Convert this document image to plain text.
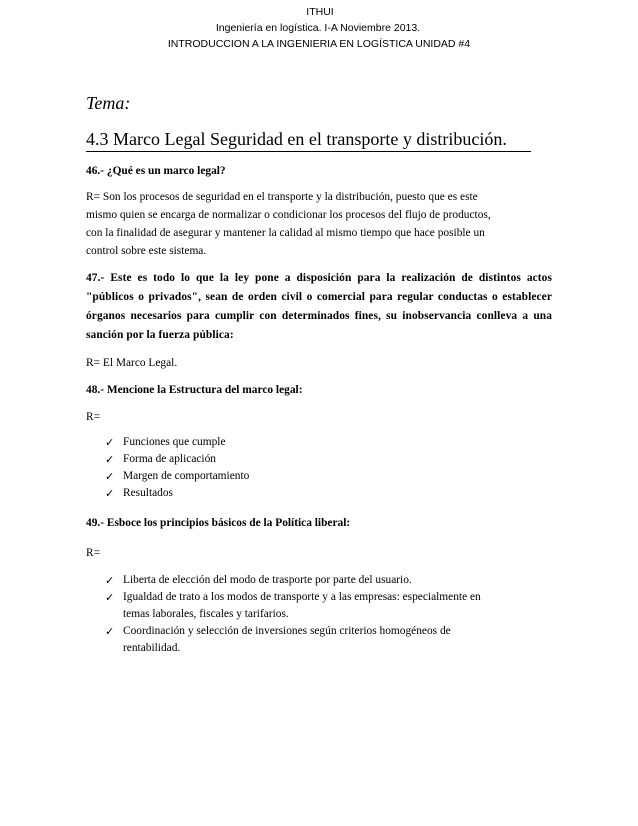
ITHUI
Ingeniería en logística. I-A Noviembre 2013.
INTRODUCCION A LA INGENIERIA EN LOGÍSTICA UNIDAD #4
Tema:
4.3 Marco Legal Seguridad en el transporte y distribución.

46.- ¿Qué es un marco legal?

R= Son los procesos de seguridad en el transporte y la distribución, puesto que es este
mismo quien se encarga de normalizar o condicionar los procesos del flujo de productos,
con la finalidad de asegurar y mantener la calidad al mismo tiempo que hace posible un
control sobre este sistema.

47.- Este es todo lo que la ley pone a disposición para la realización de distintos actos "públicos o privados", sean de orden civil o comercial para regular conductas o establecer órganos necesarios para cumplir con determinados fines, su inobservancia conlleva a una sanción por la fuerza pública:

R= El Marco Legal.

48.- Mencione la Estructura del marco legal:

R=

✓ Funciones que cumple
✓ Forma de aplicación
✓ Margen de comportamiento
✓ Resultados

49.- Esboce los principios básicos de la Política liberal:

R=

✓ Liberta de elección del modo de trasporte por parte del usuario.
✓ Igualdad de trato a los modos de transporte y a las empresas: especialmente en
temas laborales, fiscales y tarifarios.
✓ Coordinación y selección de inversiones según criterios homogéneos de
rentabilidad.
